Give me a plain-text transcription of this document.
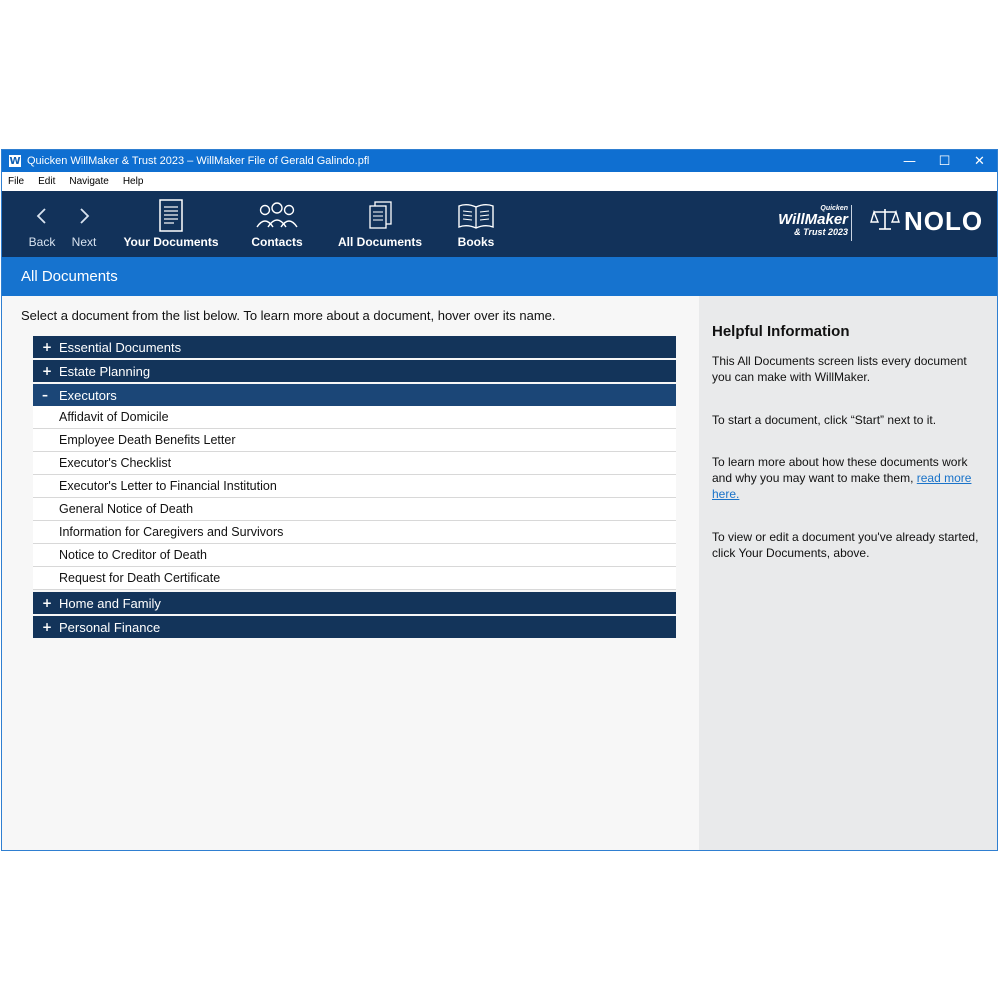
W Quicken WillMaker & Trust 2023 – WillMaker File of Gerald Galindo.pfl	—	☐	✕
File	Edit	Navigate	Help
Back Next Your Documents	Contacts	All Documents	Books
Quicken
WillMaker
& Trust 2023 NOLO
All Documents
Select a document from the list below. To learn more about a document, hover over its name.
+ Essential Documents
+ Estate Planning
– Executors
Affidavit of Domicile
Employee Death Benefits Letter
Executor's Checklist
Executor's Letter to Financial Institution
General Notice of Death
Information for Caregivers and Survivors
Notice to Creditor of Death
Request for Death Certificate
+ Home and Family
+ Personal Finance
Helpful Information
This All Documents screen lists every document you can make with WillMaker.
To start a document, click “Start” next to it.
To learn more about how these documents work and why you may want to make them, read more here.
To view or edit a document you've already started, click Your Documents, above.
